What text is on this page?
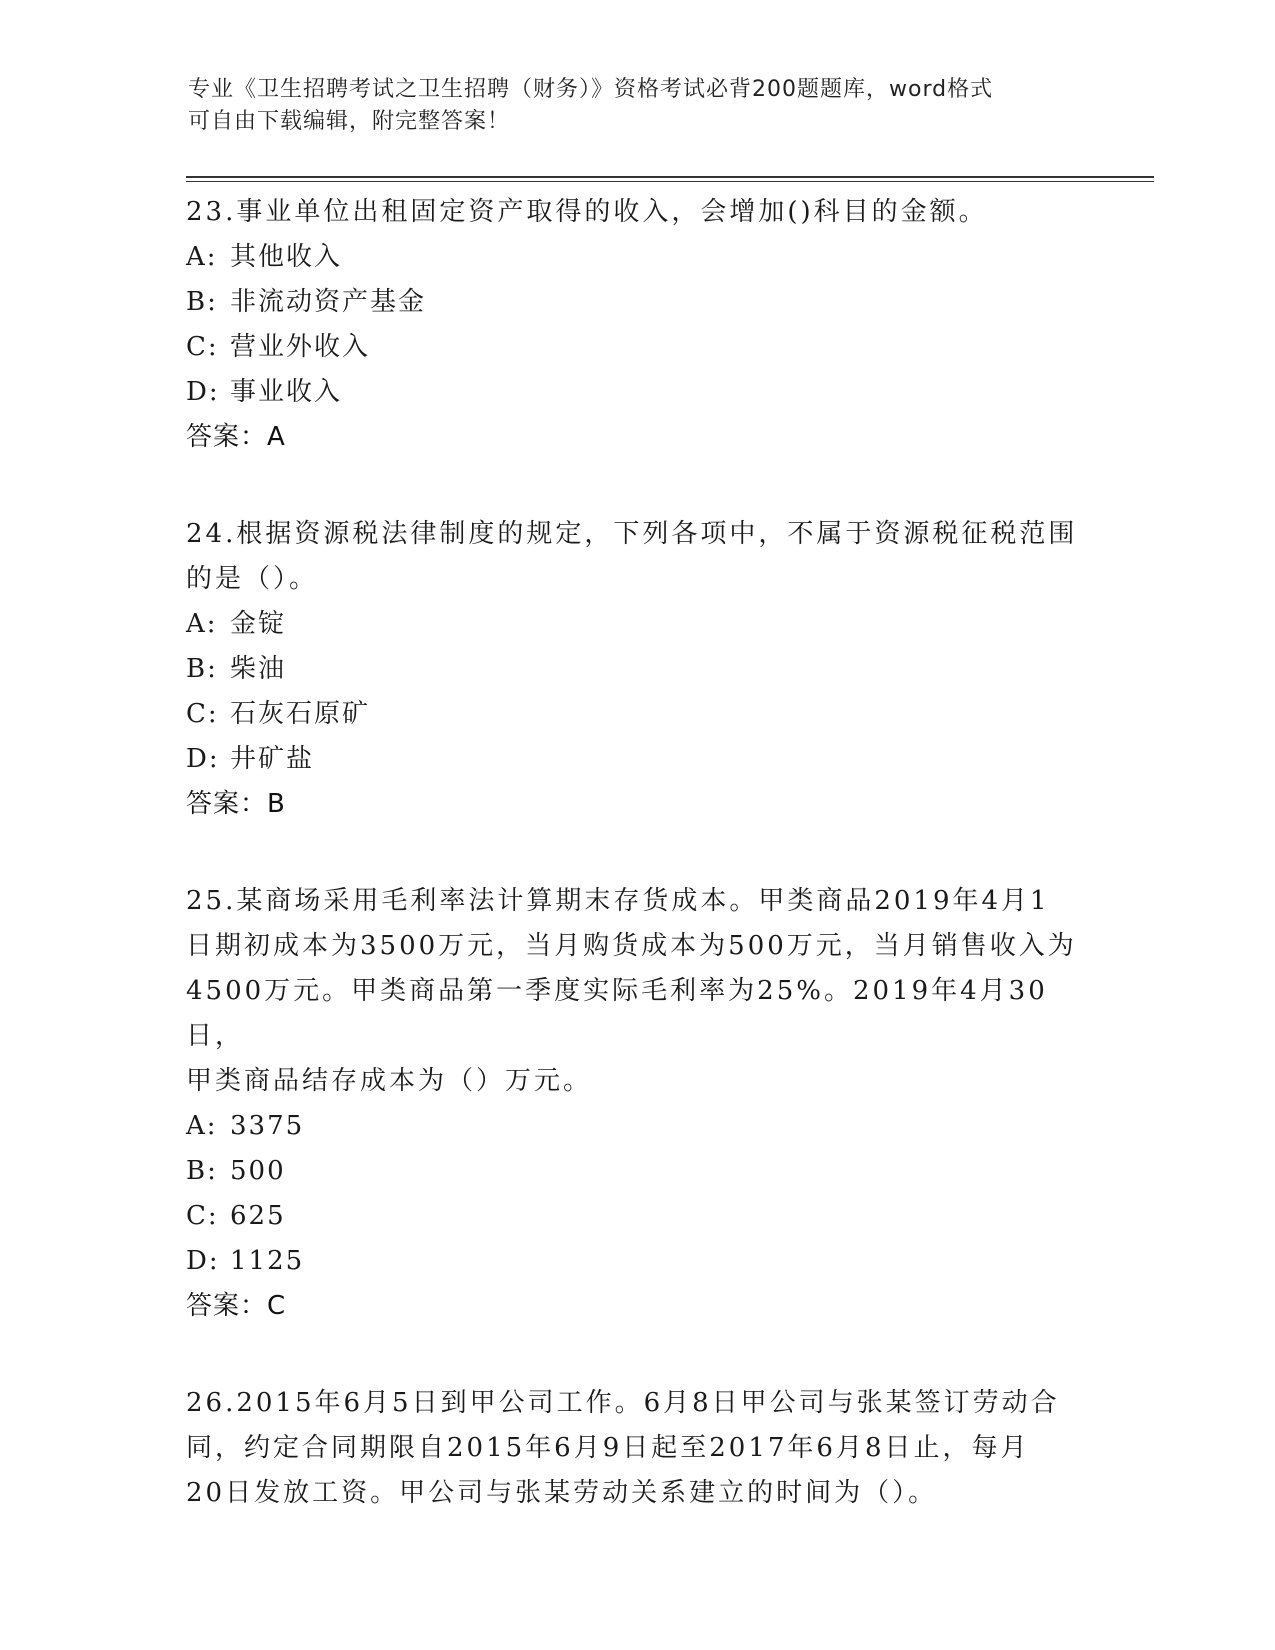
专业《卫生招聘考试之卫生招聘（财务）》资格考试必背200题题库，word格式
可自由下载编辑，附完整答案！
23.事业单位出租固定资产取得的收入，会增加()科目的金额。
A: 其他收入
B: 非流动资产基金
C: 营业外收入
D: 事业收入
答案：A
24.根据资源税法律制度的规定，下列各项中，不属于资源税征税范围
的是（）。
A: 金锭
B: 柴油
C: 石灰石原矿
D: 井矿盐
答案：B
25.某商场采用毛利率法计算期末存货成本。甲类商品2019年4月1
日期初成本为3500万元，当月购货成本为500万元，当月销售收入为
4500万元。甲类商品第一季度实际毛利率为25%。2019年4月30日，
甲类商品结存成本为（）万元。
A: 3375
B: 500
C: 625
D: 1125
答案：C
26.2015年6月5日到甲公司工作。6月8日甲公司与张某签订劳动合
同，约定合同期限自2015年6月9日起至2017年6月8日止，每月
20日发放工资。甲公司与张某劳动关系建立的时间为（）。
